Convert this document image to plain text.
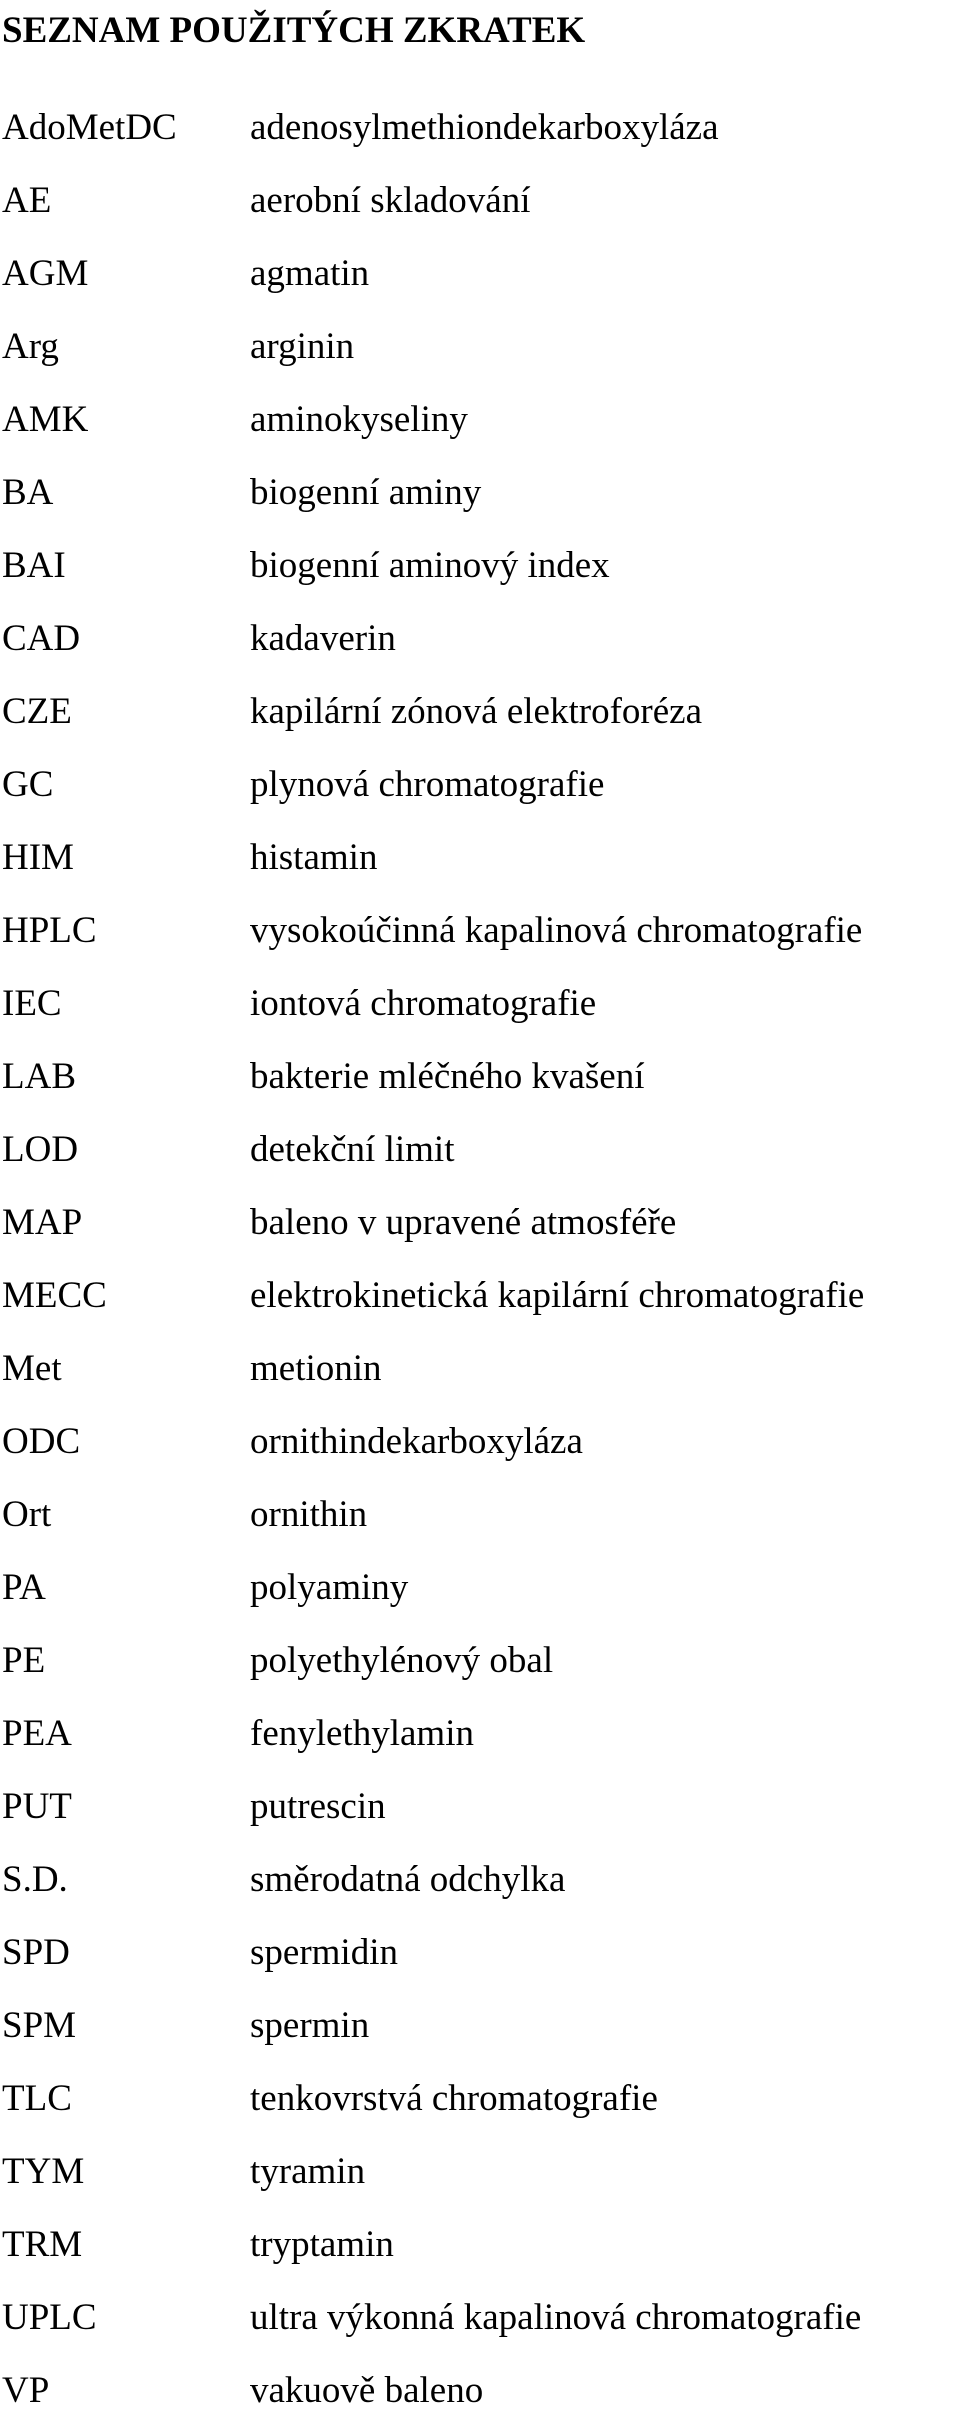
SEZNAM POUŽITÝCH ZKRATEK
AdoMetDC adenosylmethiondekarboxyláza
AE	aerobní skladování
AGM	agmatin
Arg	arginin
AMK	aminokyseliny
BA	biogenní aminy
BAI	biogenní aminový index
CAD	kadaverin
CZE	kapilární zónová elektroforéza
GC	plynová chromatografie
HIM	histamin
HPLC	vysokoúčinná kapalinová chromatografie
IEC	iontová chromatografie
LAB	bakterie mléčného kvašení
LOD	detekční limit
MAP	baleno v upravené atmosféře
MECC	elektrokinetická kapilární chromatografie
Met	metionin
ODC	ornithindekarboxyláza
Ort	ornithin
PA	polyaminy
PE	polyethylénový obal
PEA	fenylethylamin
PUT	putrescin
S.D.	směrodatná odchylka
SPD	spermidin
SPM	spermin
TLC	tenkovrstvá chromatografie
TYM	tyramin
TRM	tryptamin
UPLC	ultra výkonná kapalinová chromatografie
VP	vakuově baleno
